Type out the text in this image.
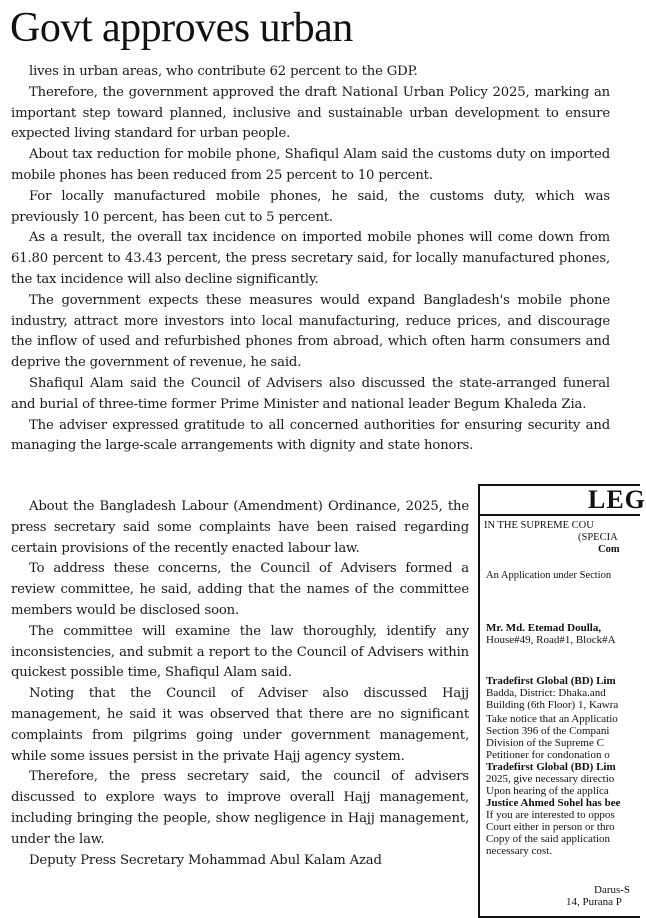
Govt approves urban

lives in urban areas, who contribute 62 percent to the GDP.

Therefore, the government approved the draft National Urban Policy 2025, marking an important step toward planned, inclusive and sustainable urban development to ensure expected living standard for urban people.

About tax reduction for mobile phone, Shafiqul Alam said the customs duty on imported mobile phones has been reduced from 25 percent to 10 percent.

For locally manufactured mobile phones, he said, the customs duty, which was previously 10 percent, has been cut to 5 percent.

As a result, the overall tax incidence on imported mobile phones will come down from 61.80 percent to 43.43 percent, the press secretary said, for locally manufactured phones, the tax incidence will also decline significantly.

The government expects these measures would expand Bangladesh's mobile phone industry, attract more investors into local manufacturing, reduce prices, and discourage the inflow of used and refurbished phones from abroad, which often harm consumers and deprive the government of revenue, he said.

Shafiqul Alam said the Council of Advisers also discussed the state-arranged funeral and burial of three-time former Prime Minister and national leader Begum Khaleda Zia.

The adviser expressed gratitude to all concerned authorities for ensuring security and managing the large-scale arrangements with dignity and state honors.

About the Bangladesh Labour (Amendment) Ordinance, 2025, the press secretary said some complaints have been raised regarding certain provisions of the recently enacted labour law.

To address these concerns, the Council of Advisers formed a review committee, he said, adding that the names of the committee members would be disclosed soon.

The committee will examine the law thoroughly, identify any inconsistencies, and submit a report to the Council of Advisers within quickest possible time, Shafiqul Alam said.

Noting that the Council of Adviser also discussed Hajj management, he said it was observed that there are no significant complaints from pilgrims going under government management, while some issues persist in the private Hajj agency system.

Therefore, the press secretary said, the council of advisers discussed to explore ways to improve overall Hajj management, including bringing the people, show negligence in Hajj management, under the law.

Deputy Press Secretary Mohammad Abul Kalam Azad

LEG
IN THE SUPREME COU
(SPECIA
Com
An Application under Section
Mr. Md. Etemad Doulla,
House#49, Road#1, Block#A
Tradefirst Global (BD) Lim
Badda, District: Dhaka.and
Building (6th Floor) 1, Kawra
Take notice that an Applicatio
Section 396 of the Compani
Division of the Supreme C
Petitioner for condonation o
Tradefirst Global (BD) Lim
2025, give necessary directio
Upon hearing of the applica
Justice Ahmed Sohel has bee
If you are interested to oppos
Court either in person or thro
Copy of the said application
necessary cost.
Darus-S
14, Purana P
